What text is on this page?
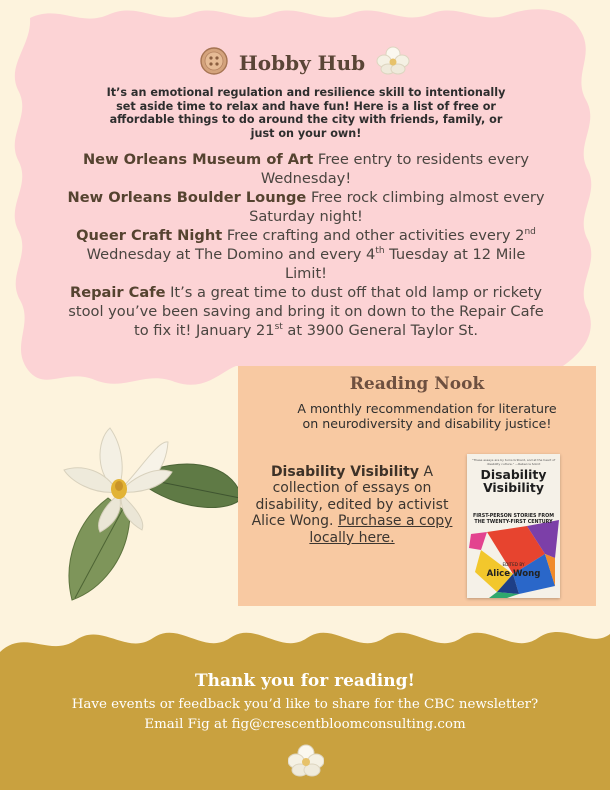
Hobby Hub
It’s an emotional regulation and resilience skill to intentionally set aside time to relax and have fun! Here is a list of free or affordable things to do around the city with friends, family, or just on your own!

New Orleans Museum of Art Free entry to residents every Wednesday!

New Orleans Boulder Lounge Free rock climbing almost every Saturday night!

Queer Craft Night Free crafting and other activities every 2nd Wednesday at The Domino and every 4th Tuesday at 12 Mile Limit!

Repair Cafe It’s a great time to dust off that old lamp or rickety stool you’ve been saving and bring it on down to the Repair Cafe to fix it! January 21st at 3900 General Taylor St.

Reading Nook
A monthly recommendation for literature on neurodiversity and disability justice!
Disability Visibility A collection of essays on disability, edited by activist Alice Wong. Purchase a copy locally here.
“These essays are by turns brilliant, and at the heart of disability culture.” —Rebecca Solnit
Disability
Visibility
FIRST-PERSON STORIES FROM THE TWENTY-FIRST CENTURY
EDITED BY
Alice Wong
Thank you for reading!
Have events or feedback you’d like to share for the CBC newsletter?
Email Fig at fig@crescentbloomconsulting.com
